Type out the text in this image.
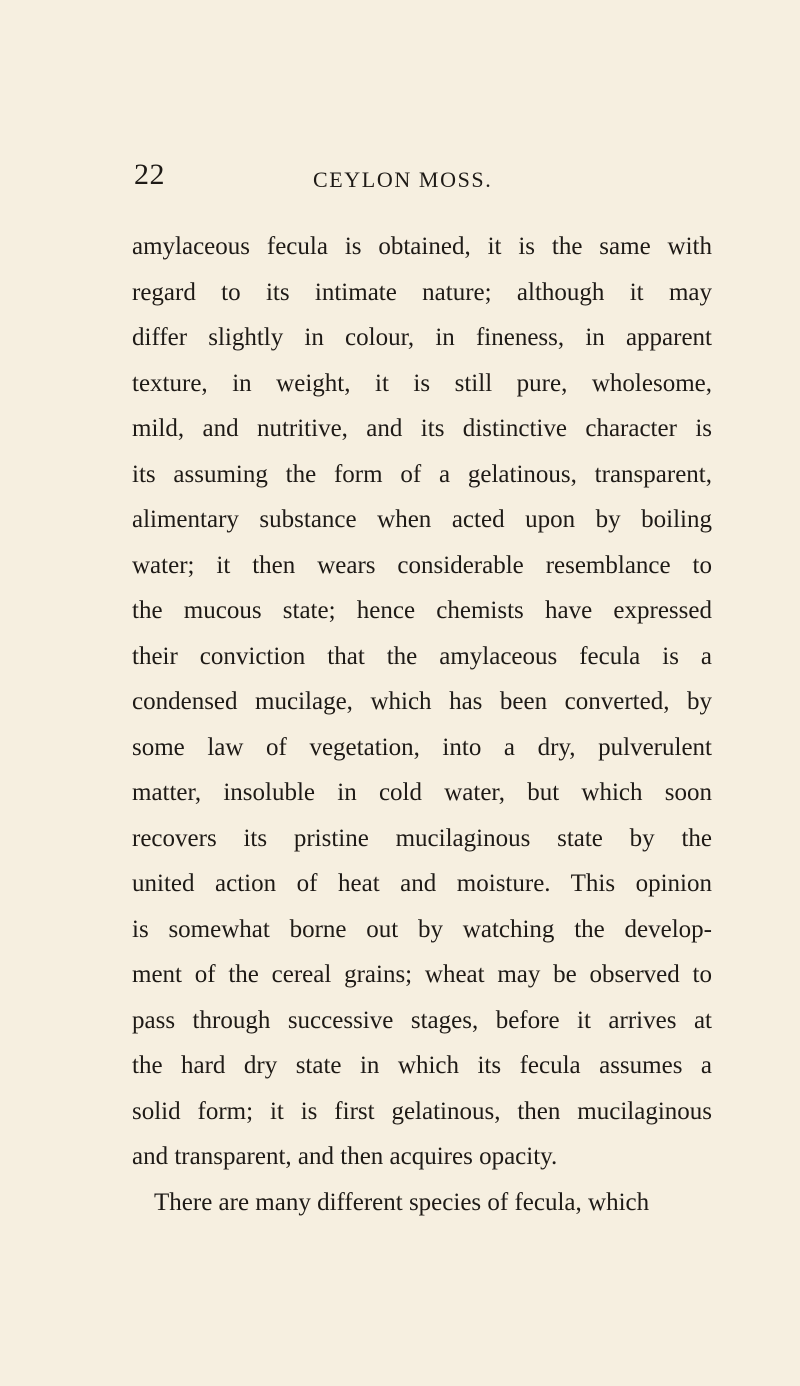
22	CEYLON MOSS.
amylaceous fecula is obtained, it is the same with
regard to its intimate nature; although it may
differ slightly in colour, in fineness, in apparent
texture, in weight, it is still pure, wholesome,
mild, and nutritive, and its distinctive character is
its assuming the form of a gelatinous, transparent,
alimentary substance when acted upon by boiling
water; it then wears considerable resemblance to
the mucous state; hence chemists have expressed
their conviction that the amylaceous fecula is a
condensed mucilage, which has been converted, by
some law of vegetation, into a dry, pulverulent
matter, insoluble in cold water, but which soon
recovers its pristine mucilaginous state by the
united action of heat and moisture. This opinion
is somewhat borne out by watching the develop-
ment of the cereal grains; wheat may be observed to
pass through successive stages, before it arrives at
the hard dry state in which its fecula assumes a
solid form; it is first gelatinous, then mucilaginous
and transparent, and then acquires opacity.
There are many different species of fecula, which
